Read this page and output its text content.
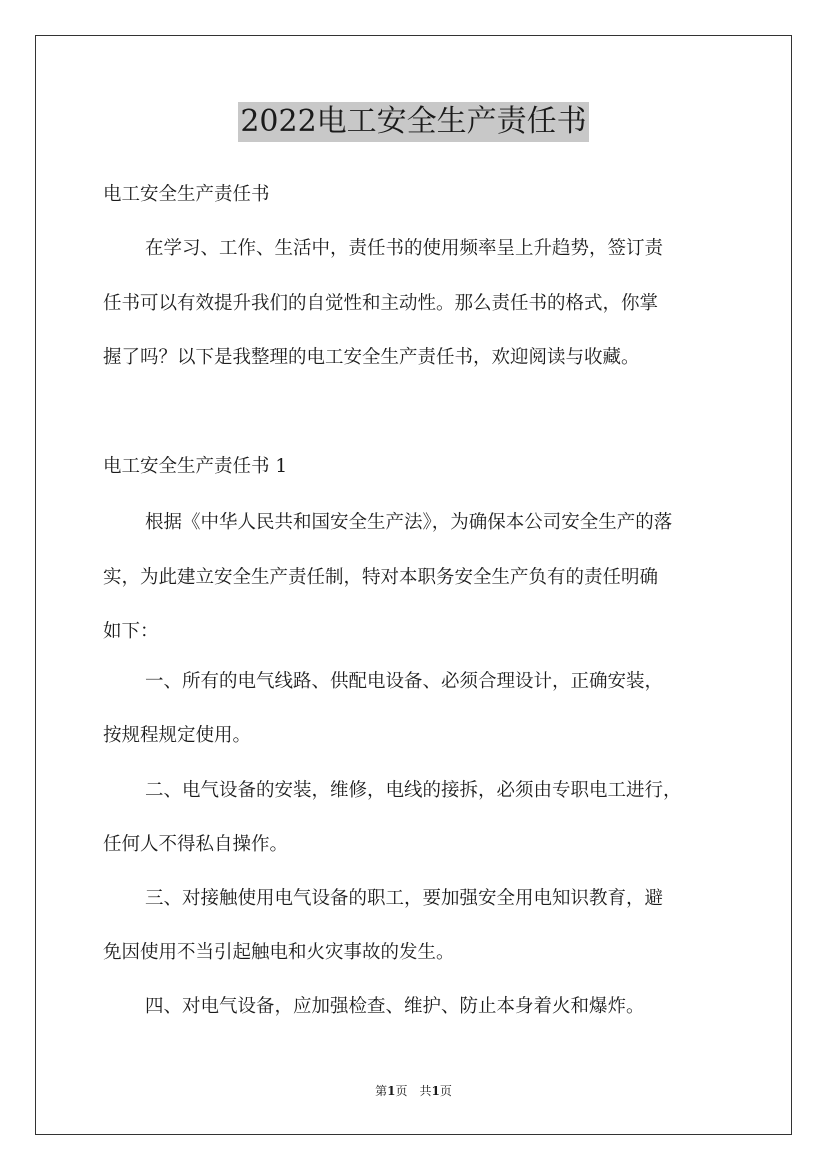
2022电工安全生产责任书
电工安全生产责任书
在学习、工作、生活中，责任书的使用频率呈上升趋势，签订责
任书可以有效提升我们的自觉性和主动性。那么责任书的格式，你掌
握了吗？以下是我整理的电工安全生产责任书，欢迎阅读与收藏。
电工安全生产责任书 1
根据《中华人民共和国安全生产法》，为确保本公司安全生产的落
实，为此建立安全生产责任制，特对本职务安全生产负有的责任明确
如下：
一、所有的电气线路、供配电设备、必须合理设计，正确安装，
按规程规定使用。
二、电气设备的安装，维修，电线的接拆，必须由专职电工进行，
任何人不得私自操作。
三、对接触使用电气设备的职工，要加强安全用电知识教育，避
免因使用不当引起触电和火灾事故的发生。
四、对电气设备，应加强检查、维护、防止本身着火和爆炸。
第1页　共1页
